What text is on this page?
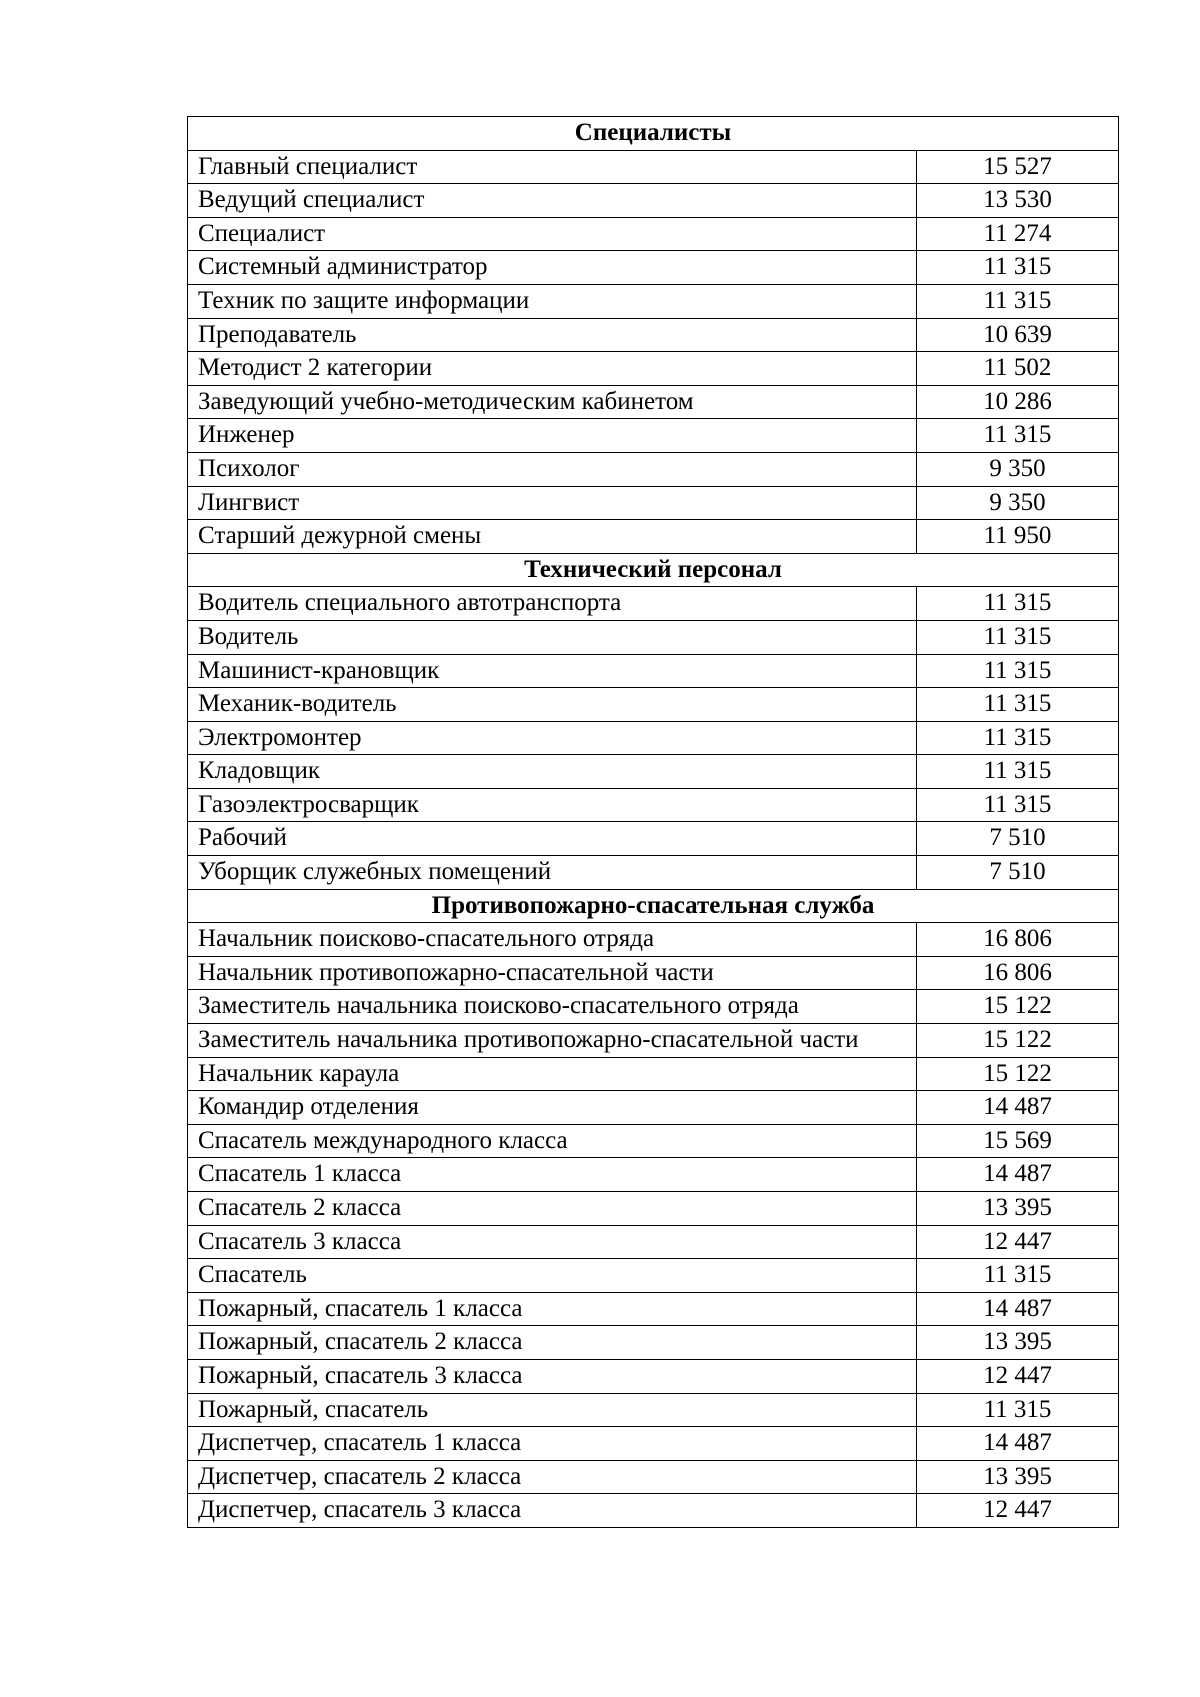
Специалисты	
Главный специалист	15 527
Ведущий специалист	13 530
Специалист	11 274
Системный администратор	11 315
Техник по защите информации	11 315
Преподаватель	10 639
Методист 2 категории	11 502
Заведующий учебно-методическим кабинетом	10 286
Инженер	11 315
Психолог	9 350
Лингвист	9 350
Старший дежурной смены	11 950
Технический персонал	
Водитель специального автотранспорта	11 315
Водитель	11 315
Машинист-крановщик	11 315
Механик-водитель	11 315
Электромонтер	11 315
Кладовщик	11 315
Газоэлектросварщик	11 315
Рабочий	7 510
Уборщик служебных помещений	7 510
Противопожарно-спасательная служба	
Начальник поисково-спасательного отряда	16 806
Начальник противопожарно-спасательной части	16 806
Заместитель начальника поисково-спасательного отряда	15 122
Заместитель начальника противопожарно-спасательной части	15 122
Начальник караула	15 122
Командир отделения	14 487
Спасатель международного класса	15 569
Спасатель 1 класса	14 487
Спасатель 2 класса	13 395
Спасатель 3 класса	12 447
Спасатель	11 315
Пожарный, спасатель 1 класса	14 487
Пожарный, спасатель 2 класса	13 395
Пожарный, спасатель 3 класса	12 447
Пожарный, спасатель	11 315
Диспетчер, спасатель 1 класса	14 487
Диспетчер, спасатель 2 класса	13 395
Диспетчер, спасатель 3 класса	12 447
